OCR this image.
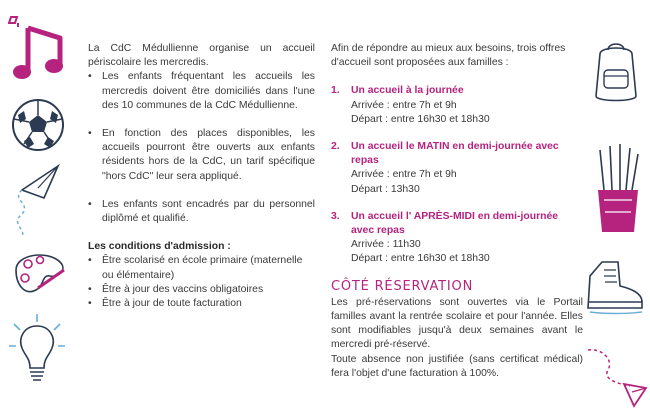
La CdC Médullienne organise un accueil périscolaire les mercredis.

• Les enfants fréquentant les accueils les mercredis doivent être domiciliés dans l'une des 10 communes de la CdC Médullienne.
• En fonction des places disponibles, les accueils pourront être ouverts aux enfants résidents hors de la CdC, un tarif spécifique "hors CdC" leur sera appliqué.
• Les enfants sont encadrés par du personnel diplômé et qualifié.

Les conditions d'admission :

• Être scolarisé en école primaire (maternelle ou élémentaire)
• Être à jour des vaccins obligatoires
• Être à jour de toute facturation

Afin de répondre au mieux aux besoins, trois offres d'accueil sont proposées aux familles :

1.	Un accueil à la journée
Arrivée : entre 7h et 9h
Départ : entre 16h30 et 18h30
2.	Un accueil le MATIN en demi-journée avec repas
Arrivée : entre 7h et 9h
Départ : 13h30
3.	Un accueil l' APRÈS-MIDI en demi-journée avec repas
Arrivée : 11h30
Départ : entre 16h30 et 18h30
CÔTÉ RÉSERVATION

Les pré-réservations sont ouvertes via le Portail familles avant la rentrée scolaire et pour l'année. Elles sont modifiables jusqu'à deux semaines avant le mercredi pré-réservé.

Toute absence non justifiée (sans certificat médical) fera l'objet d'une facturation à 100%.
